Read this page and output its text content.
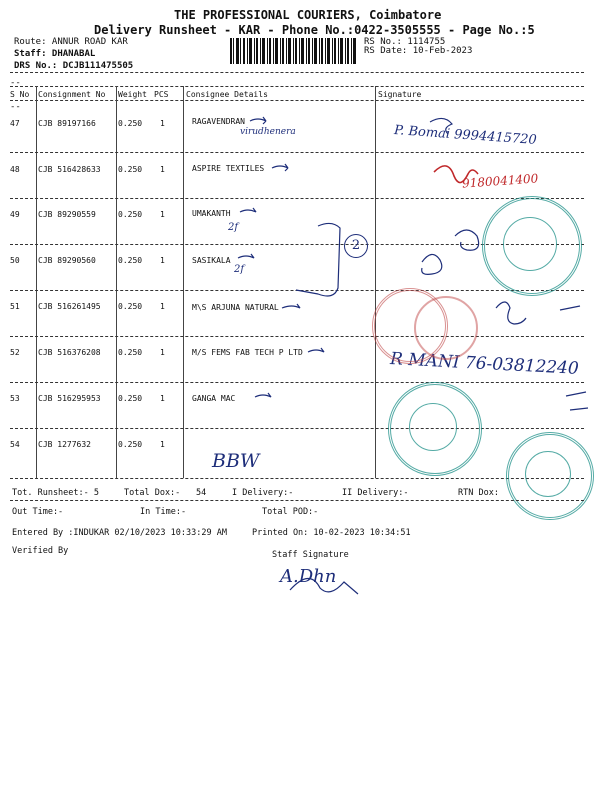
THE PROFESSIONAL COURIERS, Coimbatore
Delivery Runsheet - KAR - Phone No.:0422-3505555 - Page No.:5
Route: ANNUR ROAD KAR
Staff: DHANABAL
DRS No.: DCJB111475505
RS No.: 1114755
RS Date: 10-Feb-2023
--
S No Consignment No Weight PCS Consignee Details	Signature
--
47 CJB 89197166	0.250 1	RAGAVENDRAN
48 CJB 516428633 0.250 1	ASPIRE TEXTILES
49 CJB 89290559	0.250 1	UMAKANTH
50 CJB 89290560	0.250 1	SASIKALA
51 CJB 516261495 0.250 1	M\S ARJUNA NATURAL
52 CJB 516376208 0.250 1	M/S FEMS FAB TECH P LTD
53 CJB 516295953 0.250 1	GANGA MAC
54 CJB 1277632	0.250 1
virudhenera	P. Bomai 9994415720
9180041400
2f
2f
2
R MANI 76-03812240
BBW
Tot. Runsheet:- 5	Total Dox:- 54	I Delivery:-	II Delivery:-	RTN Dox:
Out Time:-	In Time:-	Total POD:-
Entered By :INDUKAR 02/10/2023 10:33:29 AM	Printed On: 10-02-2023 10:34:51
Verified By	Staff Signature
A.Dhn
